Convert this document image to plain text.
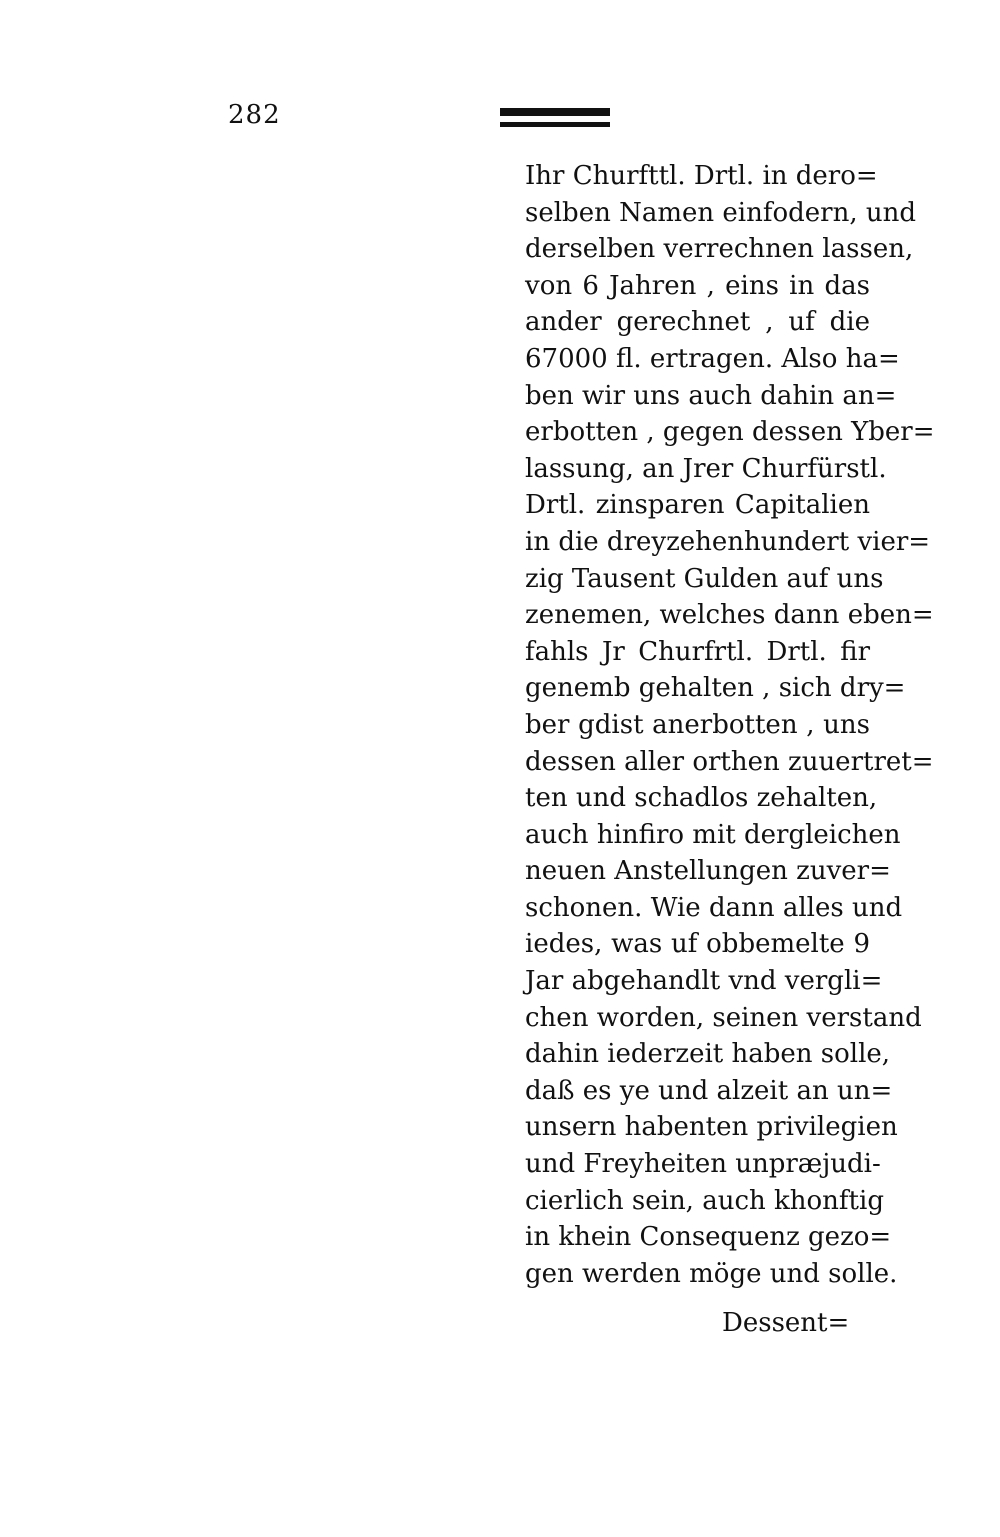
282
Ihr Churfttl. Drtl. in dero=
selben Namen einfodern, und
derselben verrechnen lassen,
von 6 Jahren , eins in das
ander gerechnet , uf die
67000 fl. ertragen. Also ha=
ben wir uns auch dahin an=
erbotten , gegen dessen Yber=
lassung, an Jrer Churfürstl.
Drtl. zinsparen Capitalien
in die dreyzehenhundert vier=
zig Tausent Gulden auf uns
zenemen, welches dann eben=
fahls Jr Churfrtl. Drtl. fir
genemb gehalten , sich dry=
ber gdist anerbotten , uns
dessen aller orthen zuuertret=
ten und schadlos zehalten,
auch hinfiro mit dergleichen
neuen Anstellungen zuver=
schonen. Wie dann alles und
iedes, was uf obbemelte 9
Jar abgehandlt vnd vergli=
chen worden, seinen verstand
dahin iederzeit haben solle,
daß es ye und alzeit an un=
unsern habenten privilegien
und Freyheiten unpræjudi-
cierlich sein, auch khonftig
in khein Consequenz gezo=
gen werden möge und solle.
Dessent=
